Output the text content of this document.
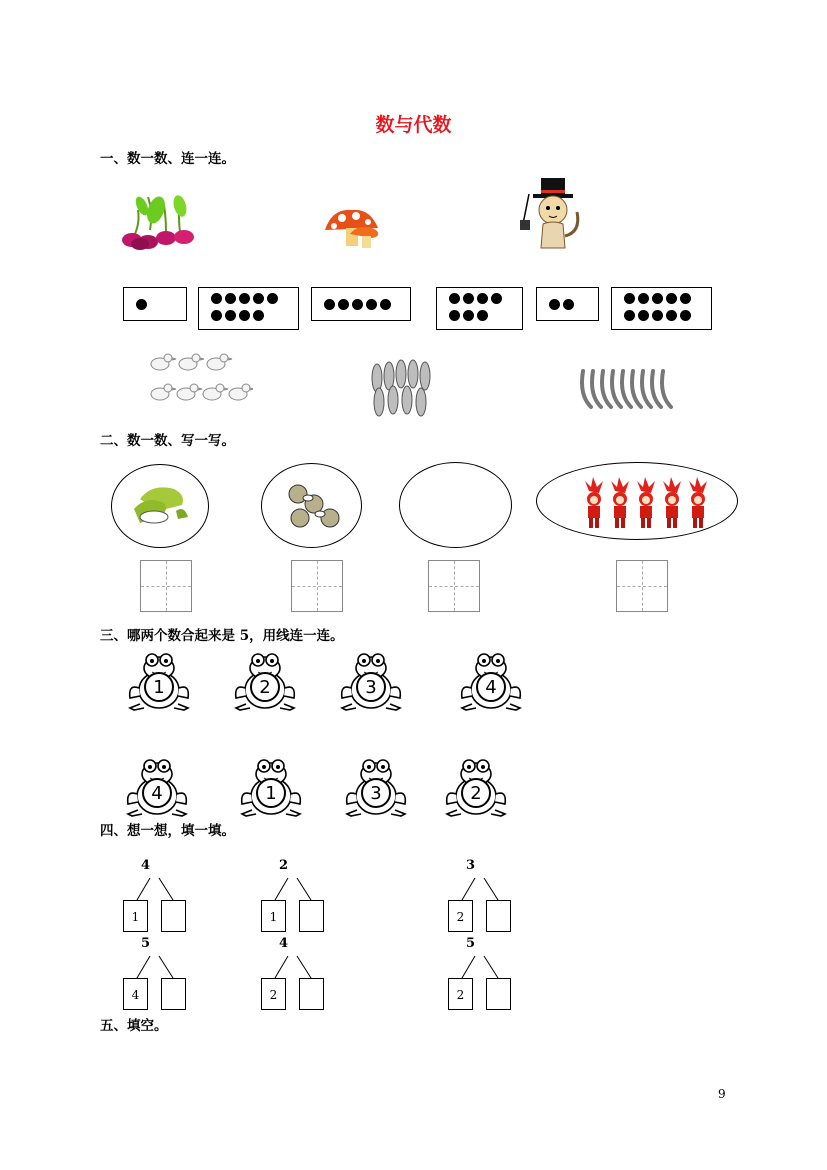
数与代数
一、数一数、连一连。
二、数一数、写一写。
三、哪两个数合起来是 5，用线连一连。
1	2	3	4
4	1	3	2
四、想一想，填一填。
4
1
2
1
3
2
5
4
4
2
5
2
五、填空。
9
